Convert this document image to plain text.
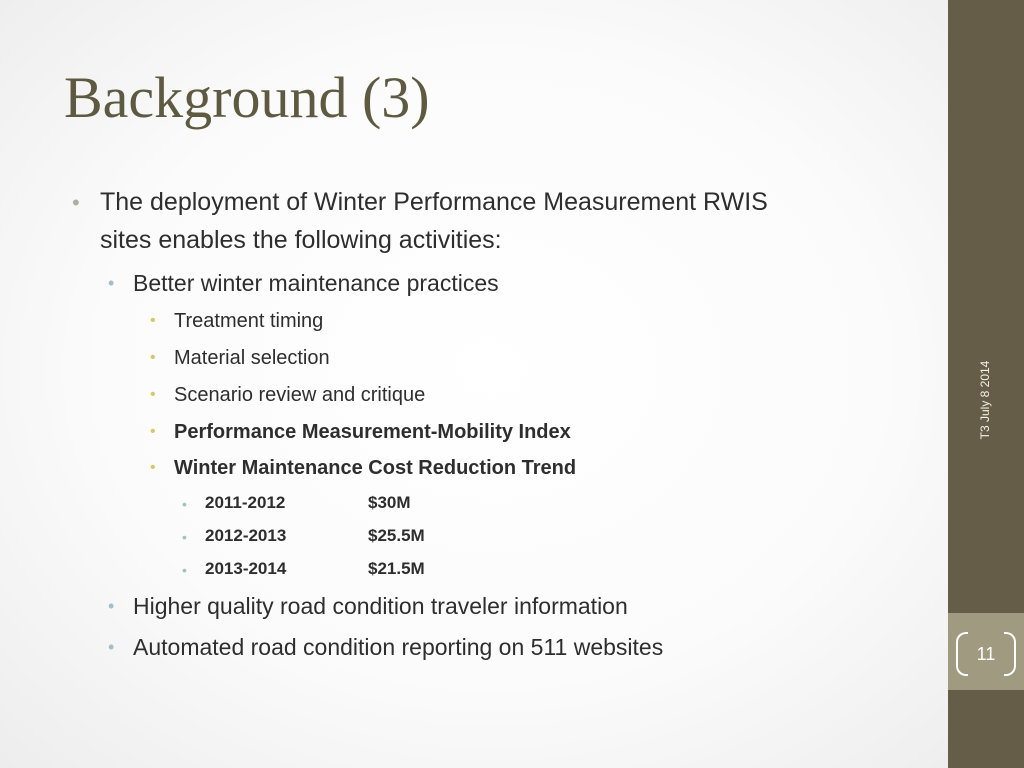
T3 July 8 2014
11
Background (3)
• The deployment of Winter Performance Measurement RWIS
sites enables the following activities:
• Better winter maintenance practices
• Treatment timing
• Material selection
• Scenario review and critique
• Performance Measurement-Mobility Index
• Winter Maintenance Cost Reduction Trend
• 2011-2012	$30M
• 2012-2013	$25.5M
• 2013-2014	$21.5M
• Higher quality road condition traveler information
• Automated road condition reporting on 511 websites
